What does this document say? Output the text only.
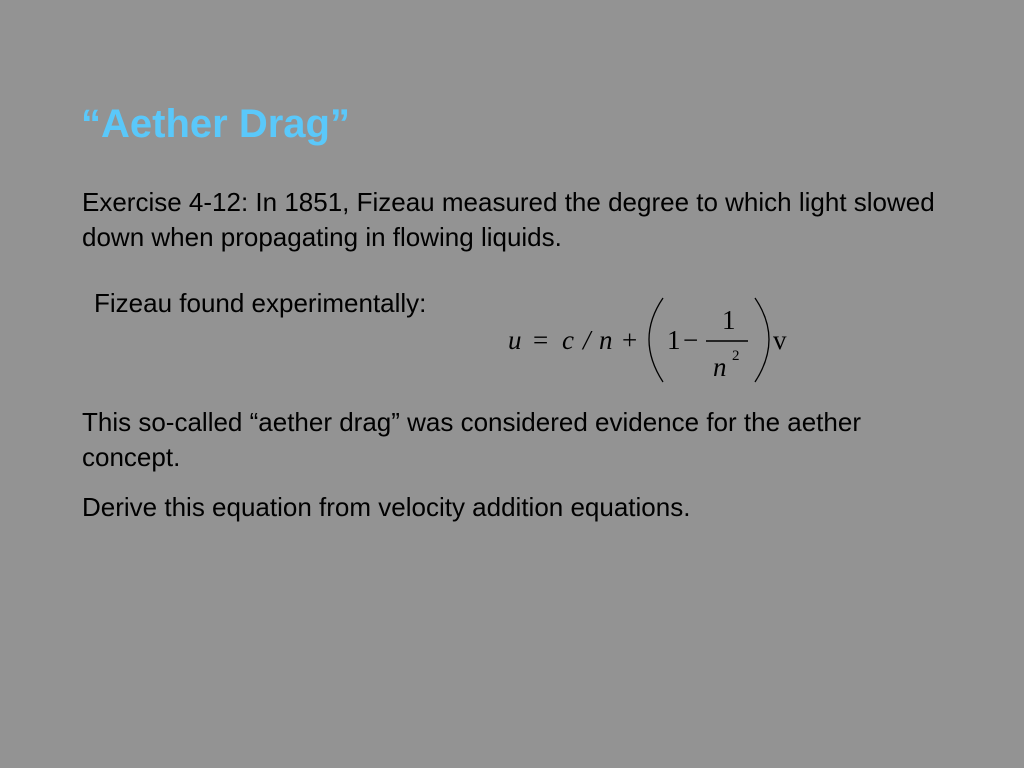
“Aether Drag”
Exercise 4-12: In 1851, Fizeau measured the degree to which light slowed down when propagating in flowing liquids.
Fizeau found experimentally:
u = c / n + 1 −
1
n 2
v
This so-called “aether drag” was considered evidence for the aether concept.
Derive this equation from velocity addition equations.
